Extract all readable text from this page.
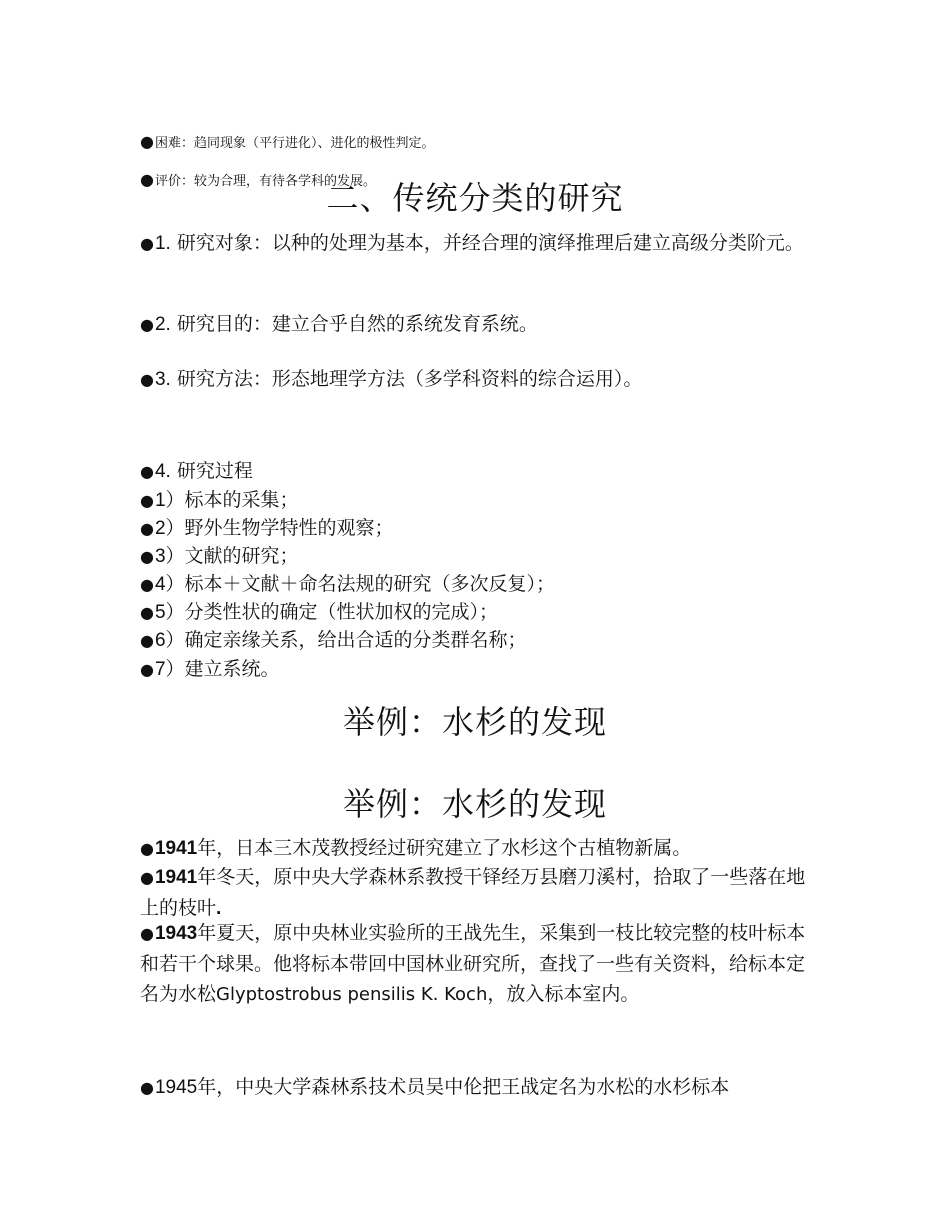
●困难：趋同现象（平行进化）、进化的极性判定。
●评价：较为合理，有待各学科的发展。
二、传统分类的研究
●1. 研究对象：以种的处理为基本，并经合理的演绎推理后建立高级分类阶元。
●2. 研究目的：建立合乎自然的系统发育系统。
●3. 研究方法：形态地理学方法（多学科资料的综合运用）。
●4. 研究过程
●1）标本的采集；
●2）野外生物学特性的观察；
●3）文献的研究；
●4）标本＋文献＋命名法规的研究（多次反复）；
●5）分类性状的确定（性状加权的完成）；
●6）确定亲缘关系，给出合适的分类群名称；
●7）建立系统。
举例：水杉的发现
举例：水杉的发现
●1941年，日本三木茂教授经过研究建立了水杉这个古植物新属。
●1941年冬天，原中央大学森林系教授干铎经万县磨刀溪村，拾取了一些落在地上的枝叶.
●1943年夏天，原中央林业实验所的王战先生，采集到一枝比较完整的枝叶标本和若干个球果。他将标本带回中国林业研究所，查找了一些有关资料，给标本定名为水松Glyptostrobus pensilis K. Koch，放入标本室内。
●1945年，中央大学森林系技术员吴中伦把王战定名为水松的水杉标本
